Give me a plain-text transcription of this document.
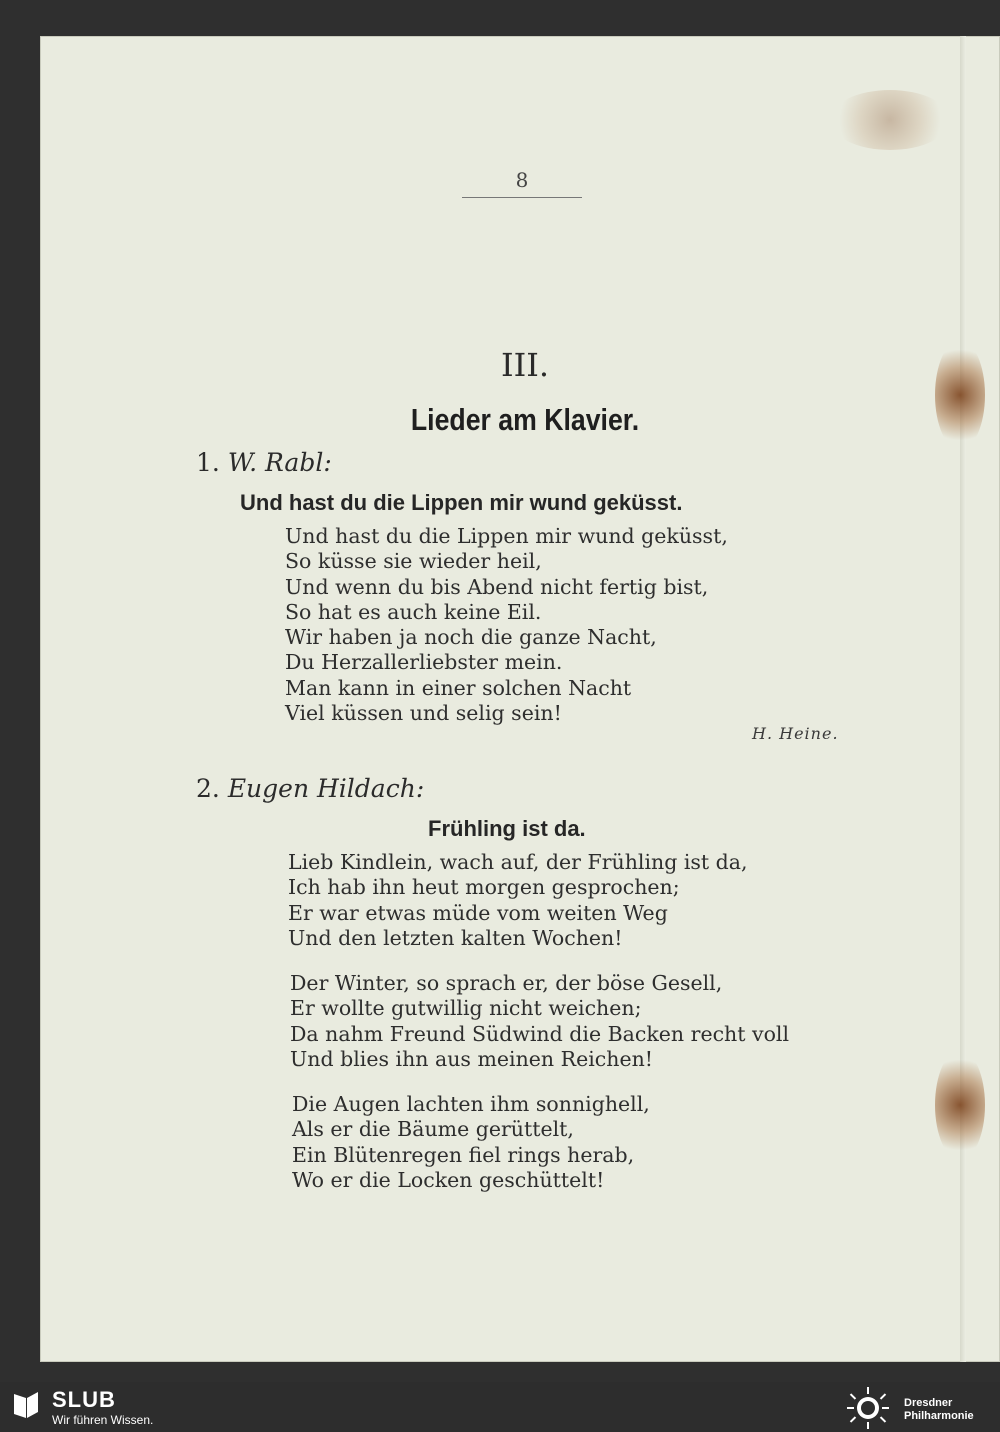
8
III.
Lieder am Klavier.
1. W. Rabl:
Und hast du die Lippen mir wund geküsst.
Und hast du die Lippen mir wund geküsst,
So küsse sie wieder heil,
Und wenn du bis Abend nicht fertig bist,
So hat es auch keine Eil.
Wir haben ja noch die ganze Nacht,
Du Herzallerliebster mein.
Man kann in einer solchen Nacht
Viel küssen und selig sein!
H. Heine.
2. Eugen Hildach:
Frühling ist da.
Lieb Kindlein, wach auf, der Frühling ist da,
Ich hab ihn heut morgen gesprochen;
Er war etwas müde vom weiten Weg
Und den letzten kalten Wochen!
Der Winter, so sprach er, der böse Gesell,
Er wollte gutwillig nicht weichen;
Da nahm Freund Südwind die Backen recht voll
Und blies ihn aus meinen Reichen!
Die Augen lachten ihm sonnighell,
Als er die Bäume gerüttelt,
Ein Blütenregen fiel rings herab,
Wo er die Locken geschüttelt!
SLUB
Wir führen Wissen.
Dresdner
Philharmonie
